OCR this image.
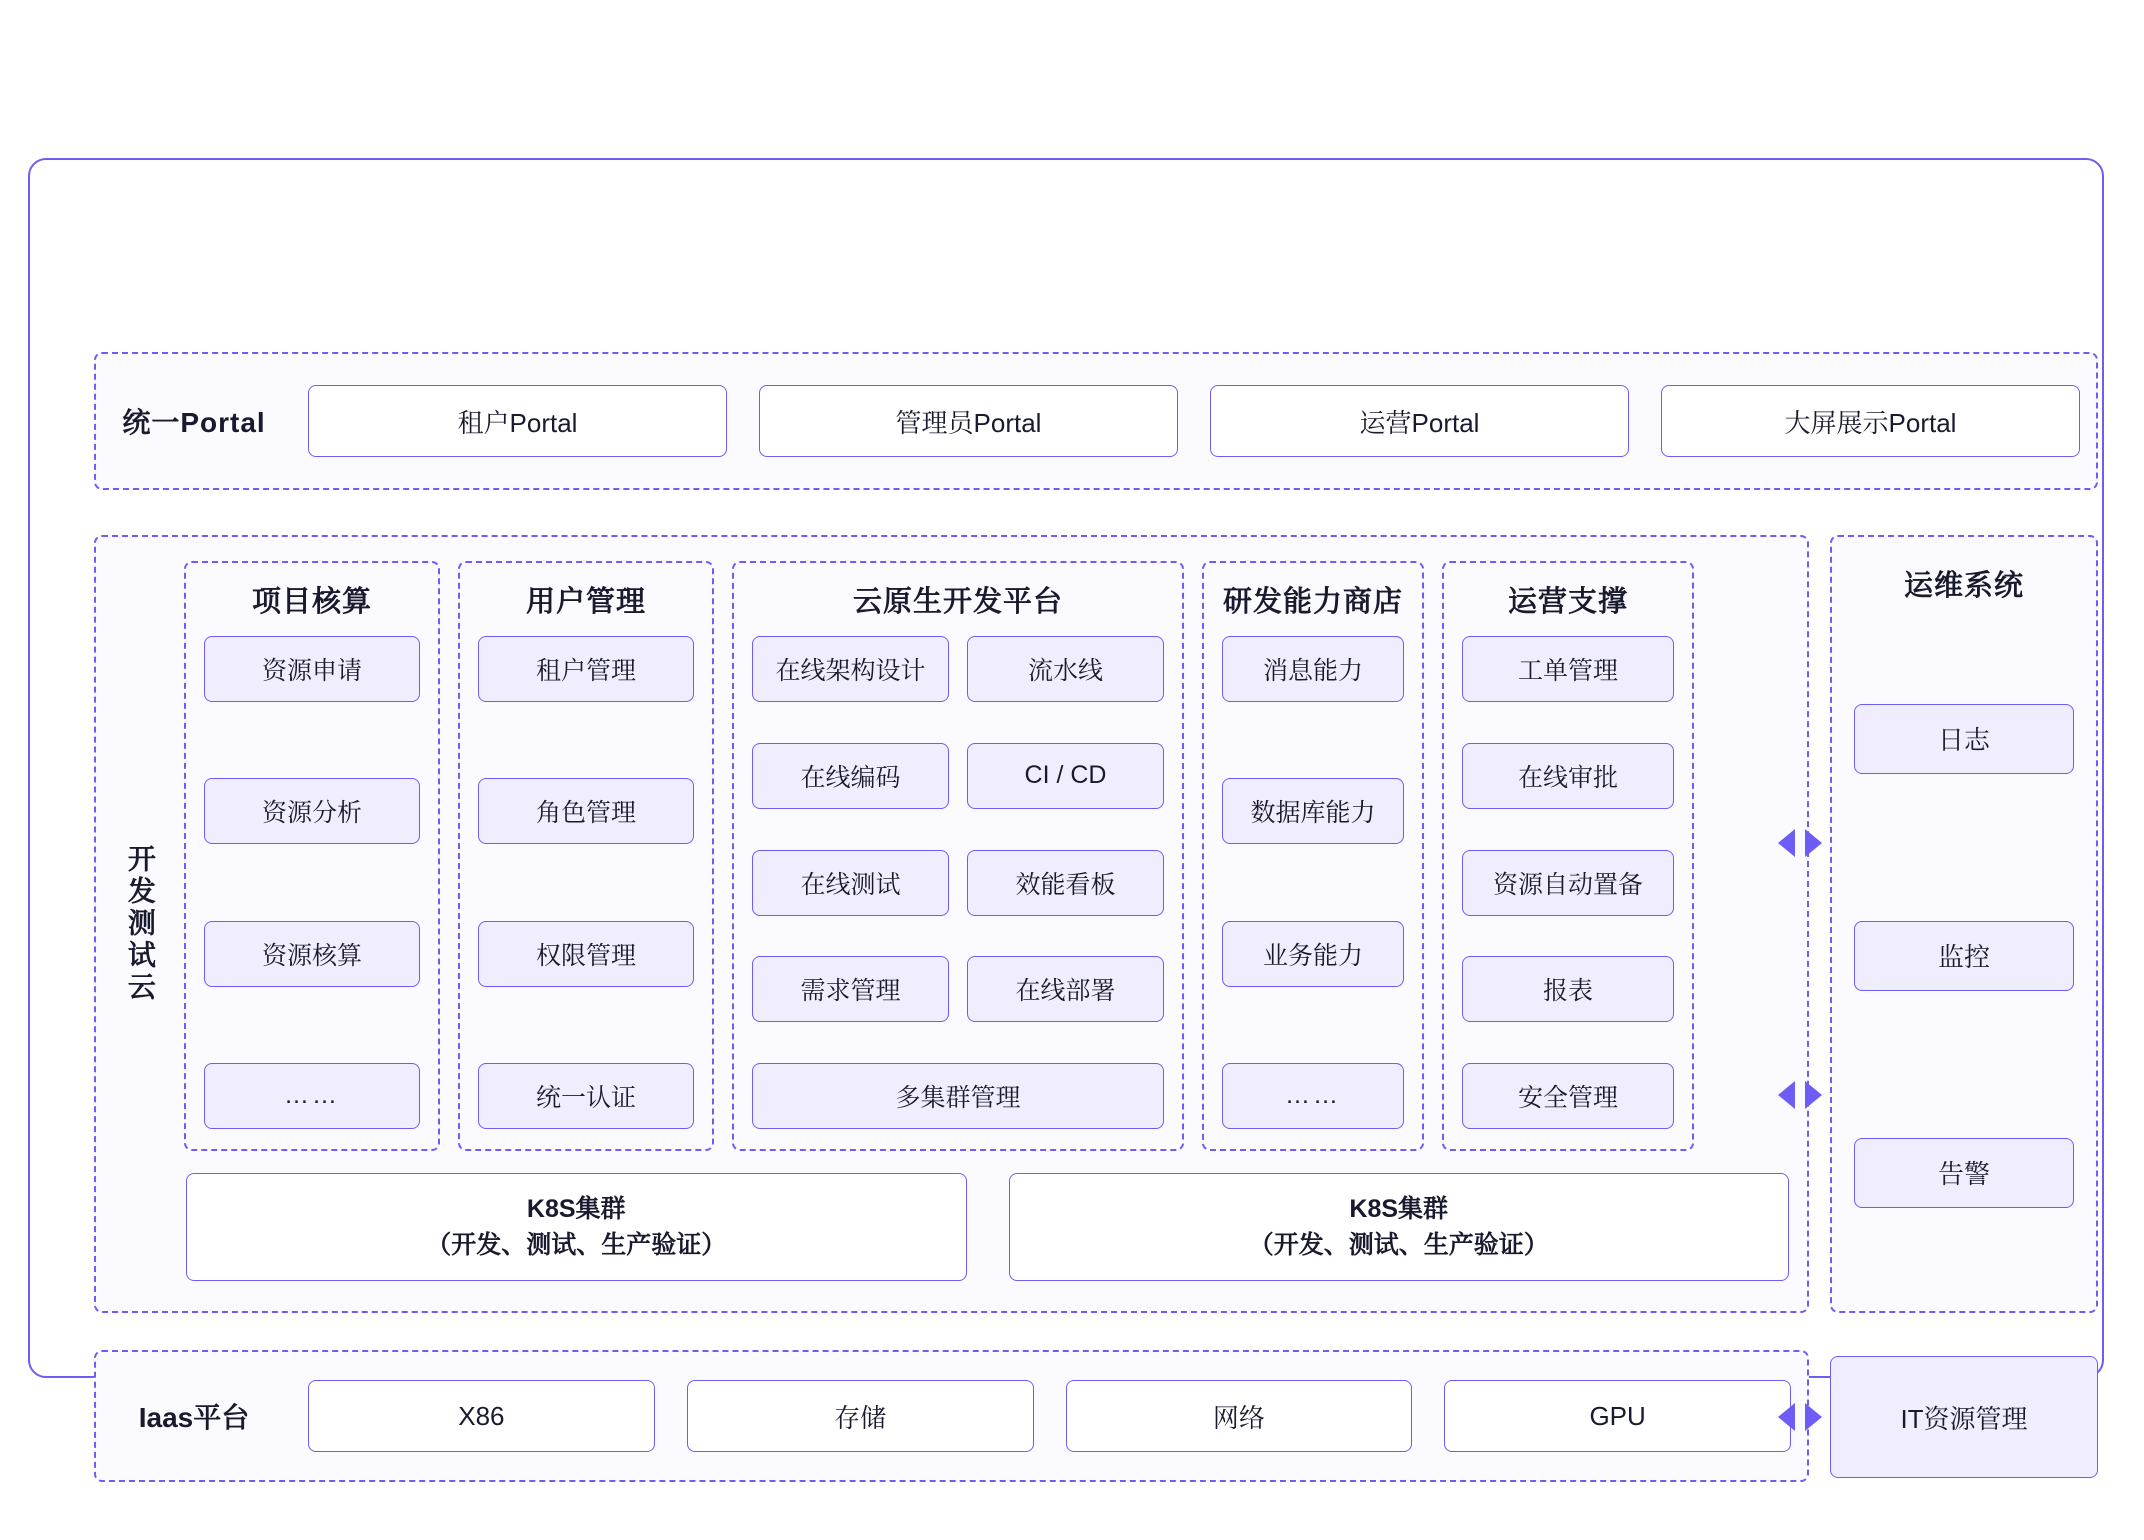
统一Portal	租户Portal	管理员Portal	运营Portal	大屏展示Portal
开发测试云
项目核算
资源申请
资源分析
资源核算
……
用户管理
租户管理
角色管理
权限管理
统一认证
云原生开发平台
在线架构设计	流水线
在线编码	CI / CD
在线测试	效能看板
需求管理	在线部署
多集群管理
研发能力商店
消息能力
数据库能力
业务能力
……
运营支撑
工单管理
在线审批
资源自动置备
报表
安全管理
K8S集群
（开发、测试、生产验证）
K8S集群
（开发、测试、生产验证）
运维系统
日志
监控
告警
Iaas平台	X86	存储	网络	GPU	IT资源管理
